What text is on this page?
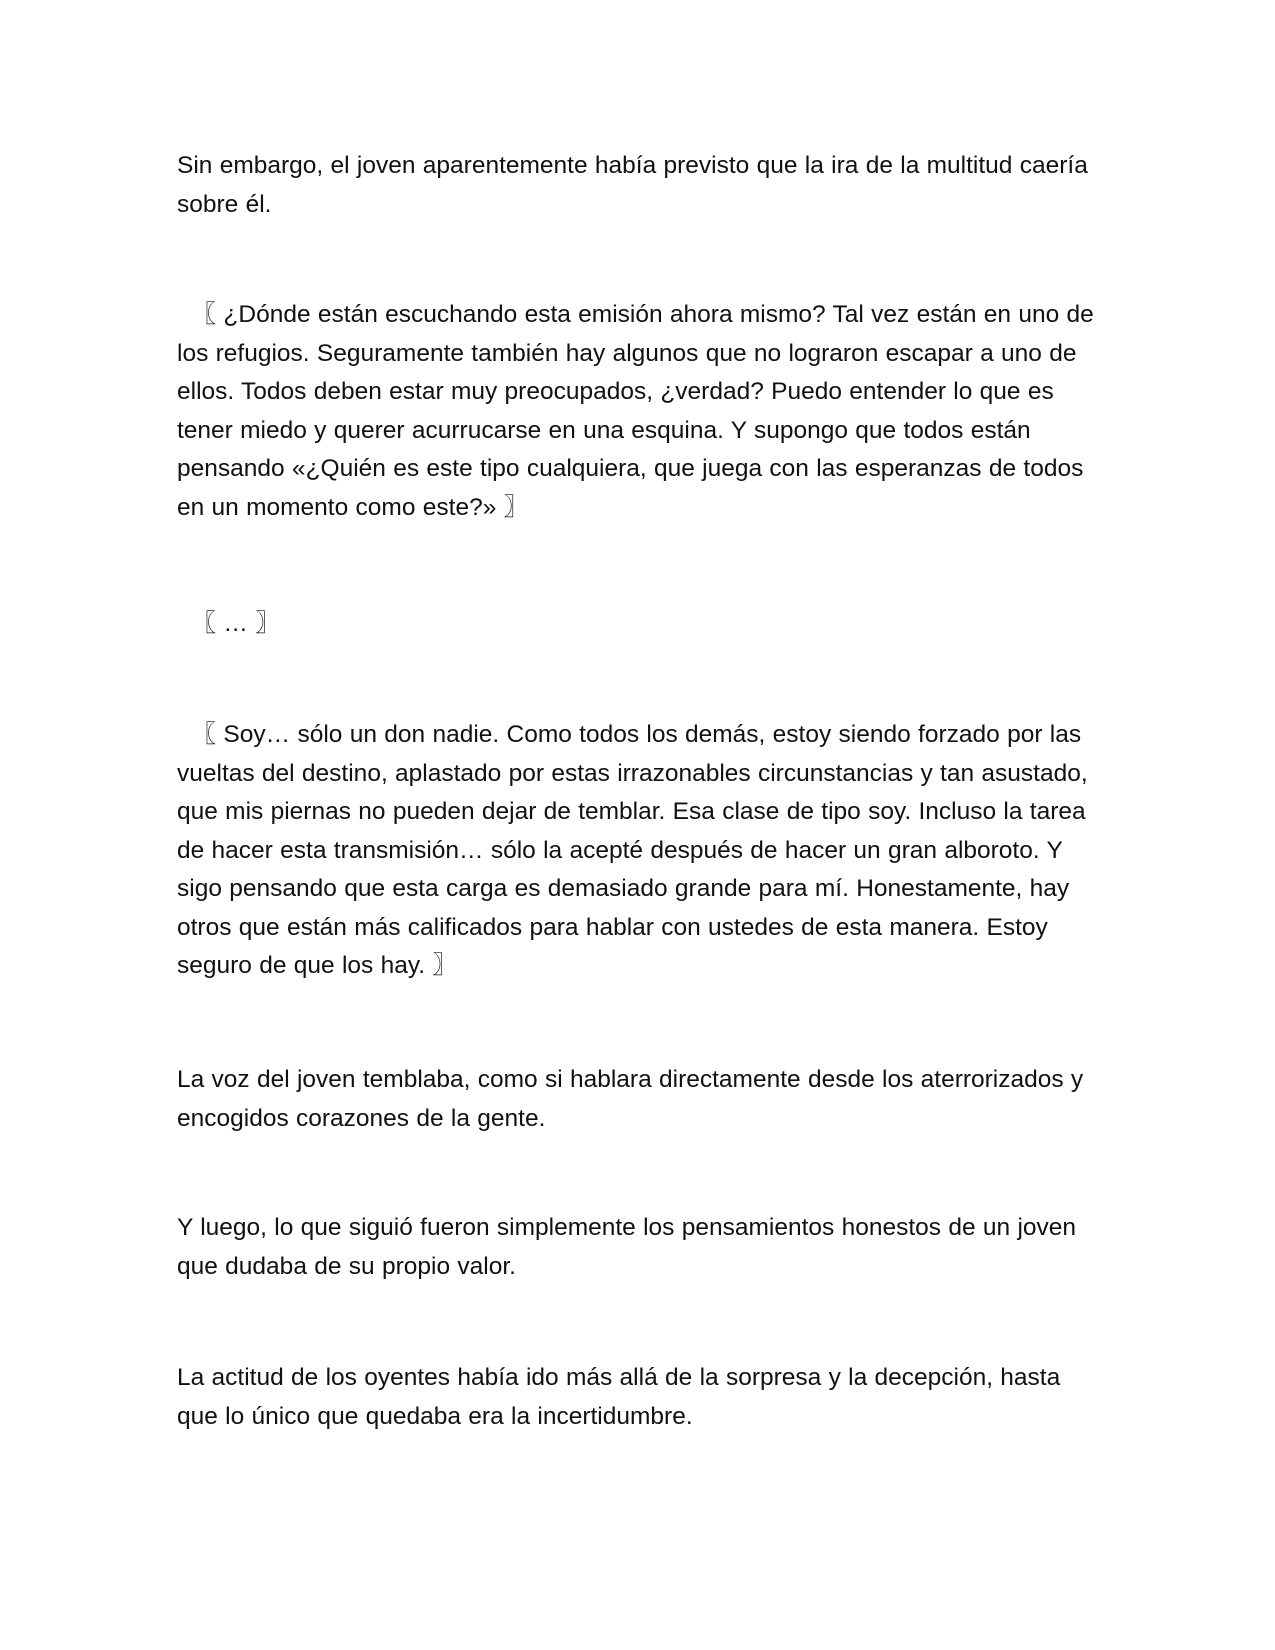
Sin embargo, el joven aparentemente había previsto que la ira de la multitud caería sobre él.

〖 ¿Dónde están escuchando esta emisión ahora mismo? Tal vez están en uno de los refugios. Seguramente también hay algunos que no lograron escapar a uno de ellos. Todos deben estar muy preocupados, ¿verdad? Puedo entender lo que es tener miedo y querer acurrucarse en una esquina. Y supongo que todos están pensando «¿Quién es este tipo cualquiera, que juega con las esperanzas de todos en un momento como este?» 〗

〖 … 〗

〖 Soy… sólo un don nadie. Como todos los demás, estoy siendo forzado por las vueltas del destino, aplastado por estas irrazonables circunstancias y tan asustado, que mis piernas no pueden dejar de temblar. Esa clase de tipo soy. Incluso la tarea de hacer esta transmisión… sólo la acepté después de hacer un gran alboroto. Y sigo pensando que esta carga es demasiado grande para mí. Honestamente, hay otros que están más calificados para hablar con ustedes de esta manera. Estoy seguro de que los hay. 〗

La voz del joven temblaba, como si hablara directamente desde los aterrorizados y encogidos corazones de la gente.

Y luego, lo que siguió fueron simplemente los pensamientos honestos de un joven que dudaba de su propio valor.

La actitud de los oyentes había ido más allá de la sorpresa y la decepción, hasta que lo único que quedaba era la incertidumbre.
